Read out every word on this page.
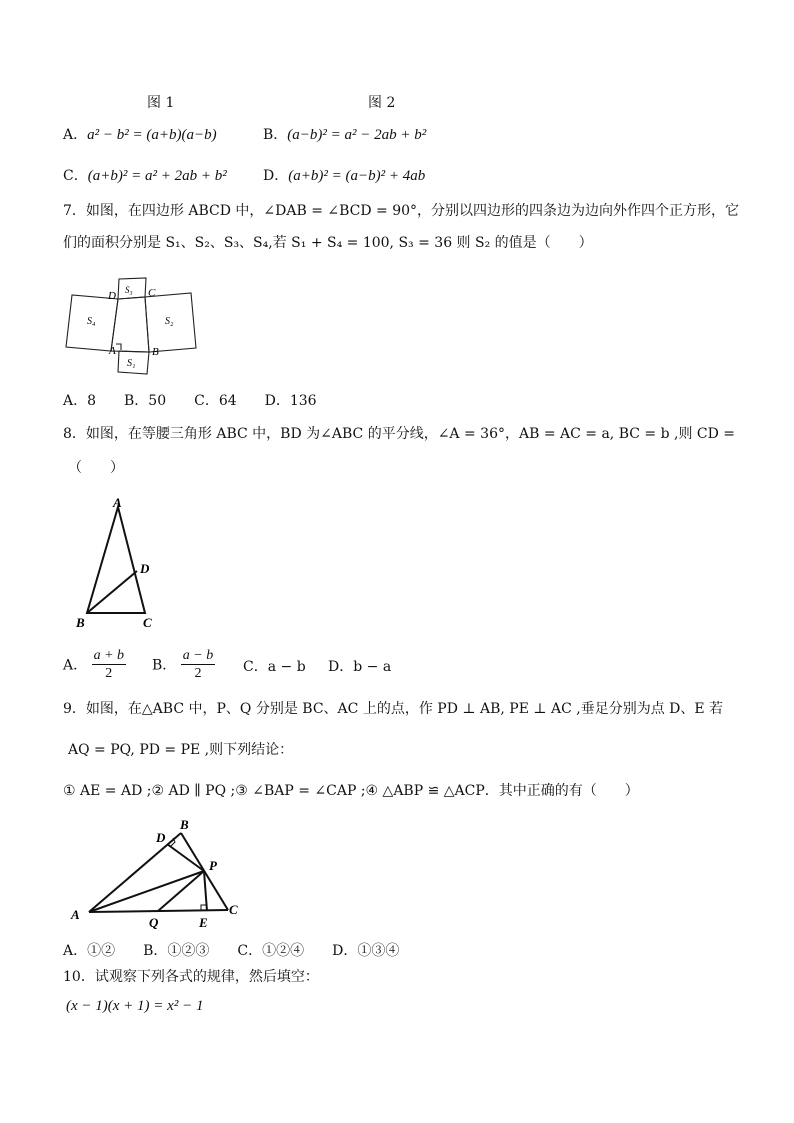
图 1	图 2
A．a² − b² = (a+b)(a−b)	B．(a−b)² = a² − 2ab + b²
C．(a+b)² = a² + 2ab + b²	D．(a+b)² = (a−b)² + 4ab
7．如图，在四边形 ABCD 中，∠DAB = ∠BCD = 90°，分别以四边形的四条边为边向外作四个正方形，它
们的面积分别是 S₁、S₂、S₃、S₄,若 S₁ + S₄ = 100, S₃ = 36 则 S₂ 的值是（　　）
D	C
A	B
S₃
S₄	S₂
S₁
A．8　　B．50　　C．64　　D．136
8．如图，在等腰三角形 ABC 中，BD 为∠ABC 的平分线，∠A = 36°，AB = AC = a, BC = b ,则 CD =
（　　）
A
B	C
D
A． $\frac{a + b}{2}$ B． $\frac{a - b}{2}$ C．a − b D．b − a
9．如图，在△ABC 中，P、Q 分别是 BC、AC 上的点，作 PD ⊥ AB, PE ⊥ AC ,垂足分别为点 D、E 若
AQ = PQ, PD = PE ,则下列结论：
① AE = AD ;② AD ∥ PQ ;③ ∠BAP = ∠CAP ;④ △ABP ≌ △ACP．其中正确的有（　　）
A
B
C
D
P
Q	E
A．①②　　B．①②③　　C．①②④　　D．①③④
10．试观察下列各式的规律，然后填空：
(x − 1)(x + 1) = x² − 1
